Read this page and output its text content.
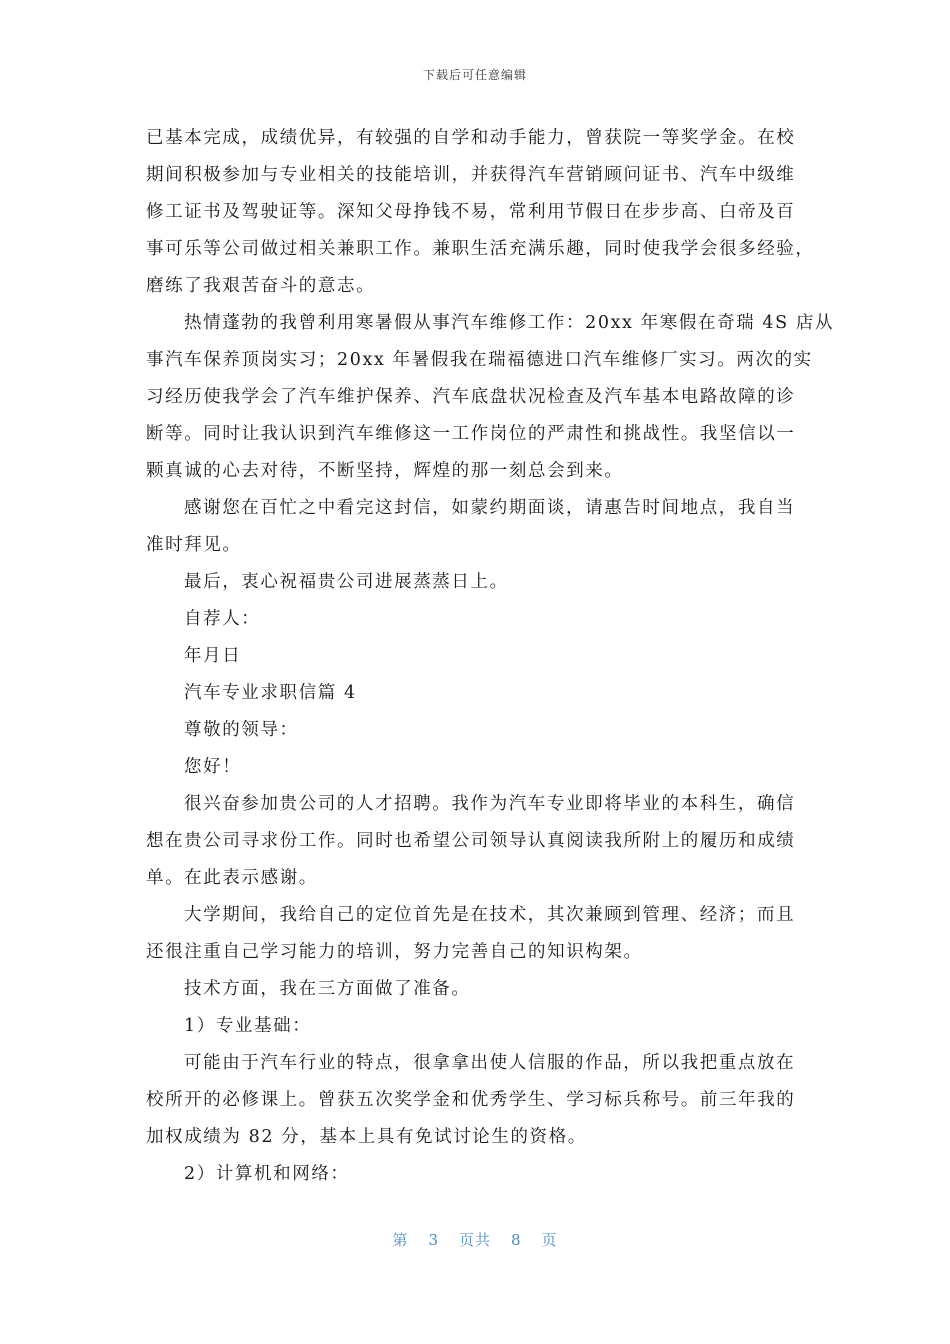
下载后可任意编辑
已基本完成，成绩优异，有较强的自学和动手能力，曾获院一等奖学金。在校
期间积极参加与专业相关的技能培训，并获得汽车营销顾问证书、汽车中级维
修工证书及驾驶证等。深知父母挣钱不易，常利用节假日在步步高、白帝及百
事可乐等公司做过相关兼职工作。兼职生活充满乐趣，同时使我学会很多经验，
磨练了我艰苦奋斗的意志。
热情蓬勃的我曾利用寒暑假从事汽车维修工作：20xx 年寒假在奇瑞 4S 店从
事汽车保养顶岗实习；20xx 年暑假我在瑞福德进口汽车维修厂实习。两次的实
习经历使我学会了汽车维护保养、汽车底盘状况检查及汽车基本电路故障的诊
断等。同时让我认识到汽车维修这一工作岗位的严肃性和挑战性。我坚信以一
颗真诚的心去对待，不断坚持，辉煌的那一刻总会到来。
感谢您在百忙之中看完这封信，如蒙约期面谈，请惠告时间地点，我自当
准时拜见。
最后，衷心祝福贵公司进展蒸蒸日上。
自荐人：
年月日
汽车专业求职信篇 4
尊敬的领导：
您好！
很兴奋参加贵公司的人才招聘。我作为汽车专业即将毕业的本科生，确信
想在贵公司寻求份工作。同时也希望公司领导认真阅读我所附上的履历和成绩
单。在此表示感谢。
大学期间，我给自己的定位首先是在技术，其次兼顾到管理、经济；而且
还很注重自己学习能力的培训，努力完善自己的知识构架。
技术方面，我在三方面做了准备。
1）专业基础：
可能由于汽车行业的特点，很拿拿出使人信服的作品，所以我把重点放在
校所开的必修课上。曾获五次奖学金和优秀学生、学习标兵称号。前三年我的
加权成绩为 82 分，基本上具有免试讨论生的资格。
2）计算机和网络：
第 3 页共 8 页
